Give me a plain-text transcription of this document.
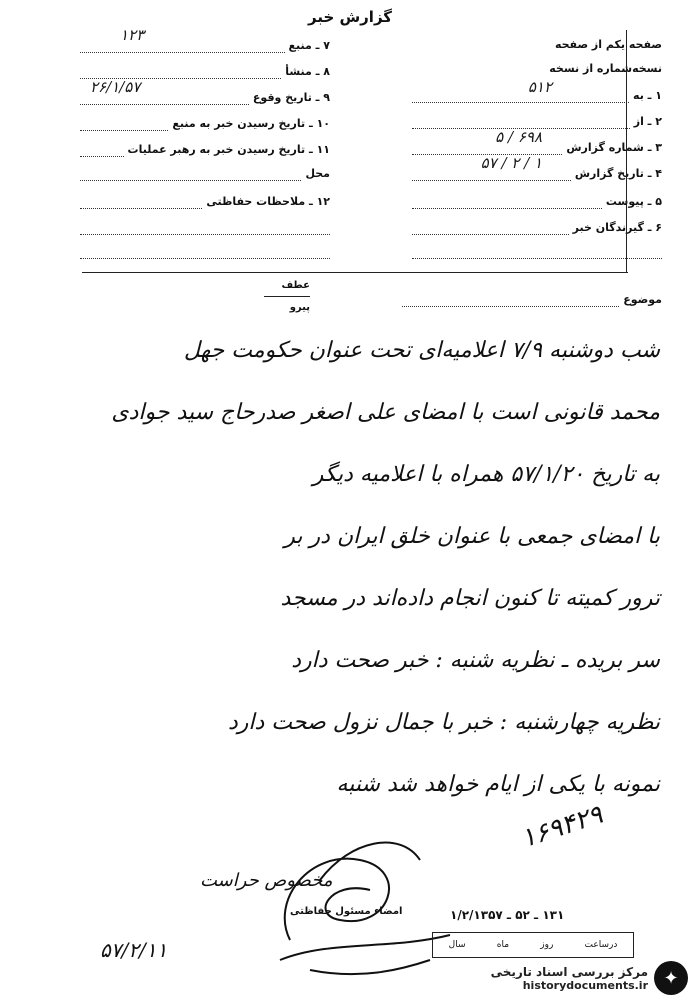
گزارش خبر
صفحه یکم از صفحه
نسخه‌شماره از نسخه
۱ ـ به
۵۱۲
۲ ـ از
۳ ـ شماره گزارش
۶۹۸ / ۵
۴ ـ تاریخ گزارش
۱ / ۲ / ۵۷
۵ ـ پیوست
۶ ـ گیرندگان خبر
۷ ـ منبع
۱۲۳
۸ ـ منشأ
۹ ـ تاریخ وقوع
۲۶/۱/۵۷
۱۰ ـ تاریخ رسیدن خبر به منبع
۱۱ ـ تاریخ رسیدن خبر به رهبر عملیات
محل
۱۲ ـ ملاحظات حفاظتی
موضوع
عطف
پیرو
شب دوشنبه ۷/۹ اعلامیه‌ای تحت عنوان حکومت جهل
محمد قانونی است با امضای علی اصغر صدرحاج سید جوادی
به تاریخ ۵۷/۱/۲۰ همراه با اعلامیه دیگر
با امضای جمعی با عنوان خلق ایران در بر
ترور کمیته تا کنون انجام داده‌اند در مسجد
سر بریده ـ نظریه شنبه : خبر صحت دارد
نظریه چهارشنبه : خبر با جمال نزول صحت دارد
نمونه با یکی از ایام خواهد شد شنبه
۱۶۹۴۲۹
مخصوص حراست
۵۷/۲/۱۱
امضاء مسئول حفاظتی	۱۳۱ ـ ۵۲ ـ ۱/۲/۱۳۵۷
درساعت
روز
ماه
سال
✦
مرکز بررسی اسناد تاریخی
historydocuments.ir
